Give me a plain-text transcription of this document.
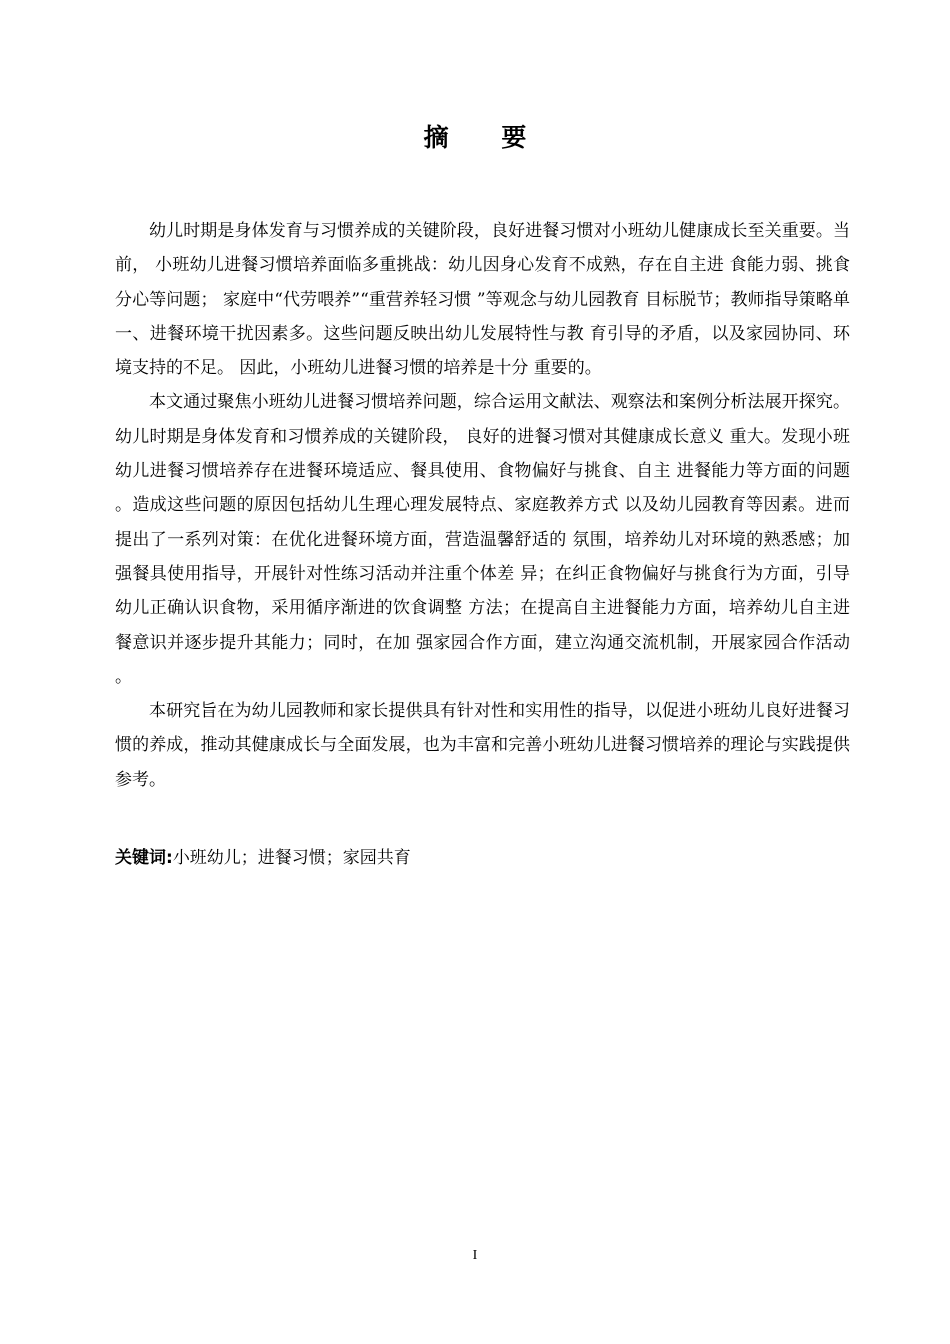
摘 要

幼儿时期是身体发育与习惯养成的关键阶段，良好进餐习惯对小班幼儿健康成长至关重要。当前， 小班幼儿进餐习惯培养面临多重挑战：幼儿因身心发育不成熟，存在自主进 食能力弱、挑食分心等问题； 家庭中“代劳喂养”“重营养轻习惯 ”等观念与幼儿园教育 目标脱节；教师指导策略单一、进餐环境干扰因素多。这些问题反映出幼儿发展特性与教 育引导的矛盾，以及家园协同、环境支持的不足。 因此，小班幼儿进餐习惯的培养是十分 重要的。

本文通过聚焦小班幼儿进餐习惯培养问题，综合运用文献法、观察法和案例分析法展开探究。幼儿时期是身体发育和习惯养成的关键阶段， 良好的进餐习惯对其健康成长意义 重大。发现小班幼儿进餐习惯培养存在进餐环境适应、餐具使用、食物偏好与挑食、自主 进餐能力等方面的问题。造成这些问题的原因包括幼儿生理心理发展特点、家庭教养方式 以及幼儿园教育等因素。进而提出了一系列对策：在优化进餐环境方面，营造温馨舒适的 氛围，培养幼儿对环境的熟悉感；加强餐具使用指导，开展针对性练习活动并注重个体差 异；在纠正食物偏好与挑食行为方面，引导幼儿正确认识食物，采用循序渐进的饮食调整 方法；在提高自主进餐能力方面，培养幼儿自主进餐意识并逐步提升其能力；同时，在加 强家园合作方面，建立沟通交流机制，开展家园合作活动。

本研究旨在为幼儿园教师和家长提供具有针对性和实用性的指导，以促进小班幼儿良好进餐习惯的养成，推动其健康成长与全面发展，也为丰富和完善小班幼儿进餐习惯培养的理论与实践提供参考。

关键词:小班幼儿；进餐习惯；家园共育
I
